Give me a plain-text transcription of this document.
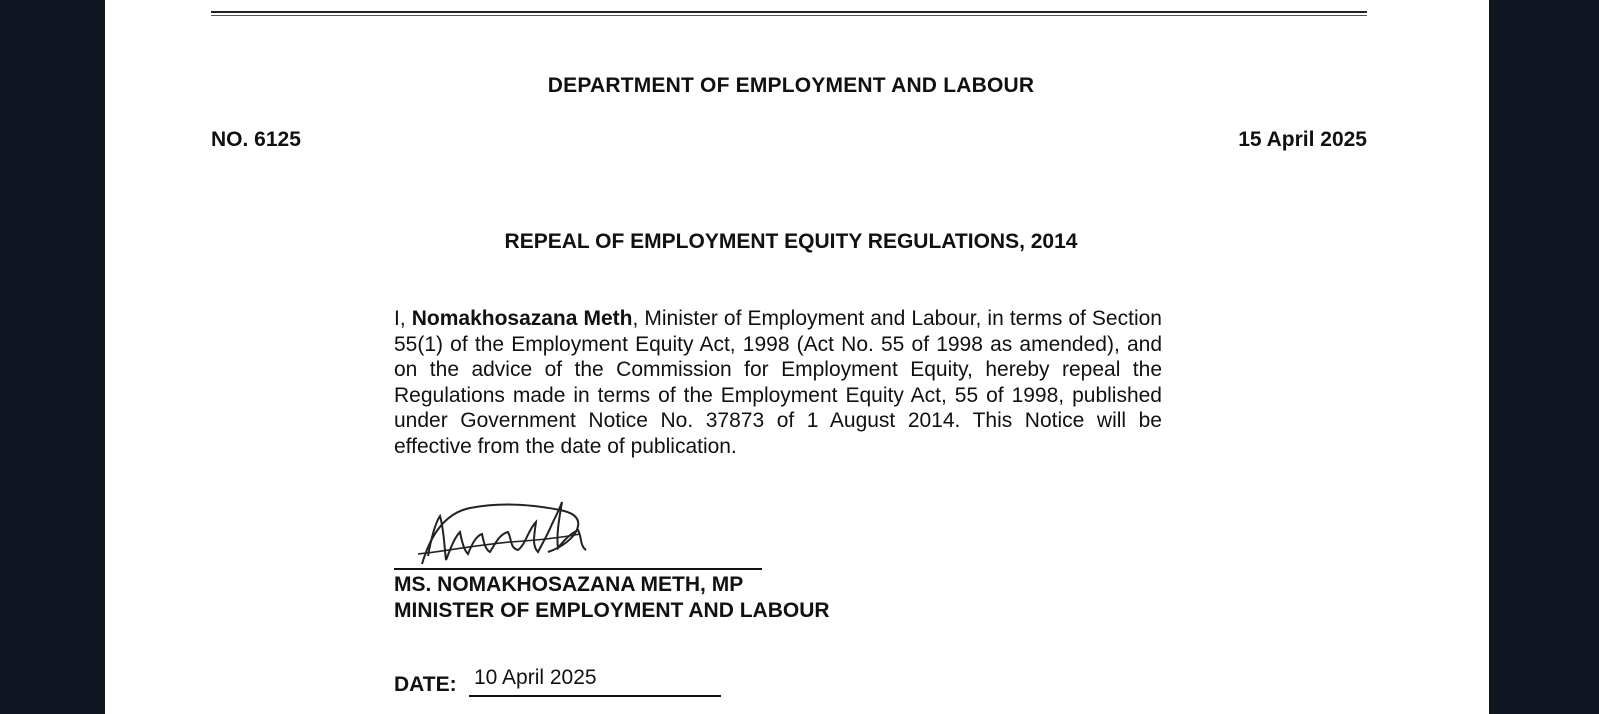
DEPARTMENT OF EMPLOYMENT AND LABOUR
NO. 6125	15 April 2025
REPEAL OF EMPLOYMENT EQUITY REGULATIONS, 2014
I, Nomakhosazana Meth, Minister of Employment and Labour, in terms of Section 55(1) of the Employment Equity Act, 1998 (Act No. 55 of 1998 as amended), and on the advice of the Commission for Employment Equity, hereby repeal the Regulations made in terms of the Employment Equity Act, 55 of 1998, published under Government Notice No. 37873 of 1 August 2014. This Notice will be effective from the date of publication.
MS. NOMAKHOSAZANA METH, MP
MINISTER OF EMPLOYMENT AND LABOUR
DATE: 10 April 2025
